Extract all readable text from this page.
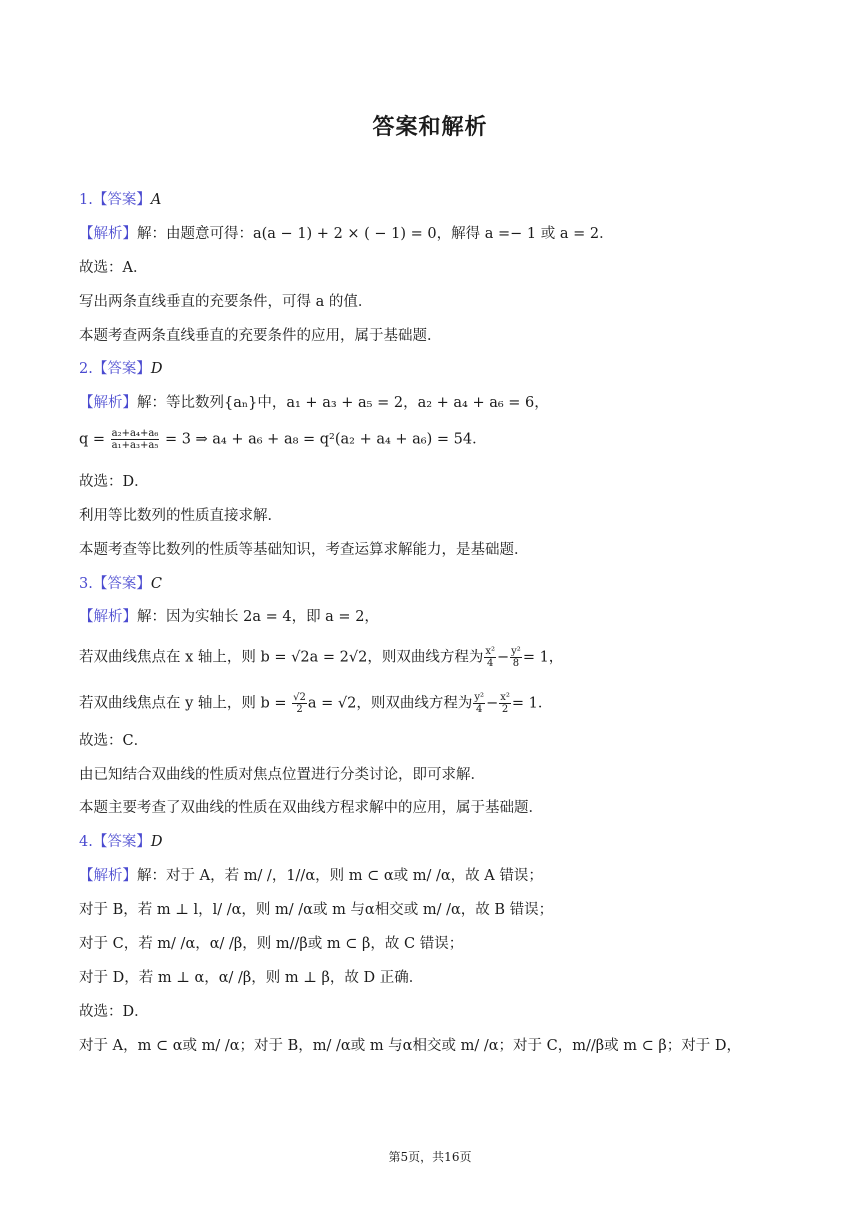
答案和解析
1.【答案】A
【解析】解：由题意可得：a(a − 1) + 2 × ( − 1) = 0，解得 a =− 1 或 a = 2．
故选：A．
写出两条直线垂直的充要条件，可得 a 的值．
本题考查两条直线垂直的充要条件的应用，属于基础题．
2.【答案】D
【解析】解：等比数列{aₙ}中，a₁ + a₃ + a₅ = 2，a₂ + a₄ + a₆ = 6，
$q = \frac{\text{a₂+a₄+a₆}}{\text{a₁+a₃+a₅}} = 3$ ⇒ a₄ + a₆ + a₈ = q²(a₂ + a₄ + a₆) = 54．
故选：D．
利用等比数列的性质直接求解．
本题考查等比数列的性质等基础知识，考查运算求解能力，是基础题．
3.【答案】C
【解析】解：因为实轴长 2a = 4，即 a = 2，
若双曲线焦点在 x 轴上，则 b = √2a = 2√2，则双曲线方程为 $\frac{\text{x²}}{4} - \frac{\text{y²}}{8} = 1$，
若双曲线焦点在 y 轴上，则 $b = \frac{√2}{2}$ a = √2，则双曲线方程为 $\frac{\text{y²}}{4} - \frac{\text{x²}}{2} = 1$．
故选：C．
由已知结合双曲线的性质对焦点位置进行分类讨论，即可求解．
本题主要考查了双曲线的性质在双曲线方程求解中的应用，属于基础题．
4.【答案】D
【解析】解：对于 A，若 m/ /，1//α，则 m ⊂ α或 m/ /α，故 A 错误；
对于 B，若 m ⊥ l，l/ /α，则 m/ /α或 m 与α相交或 m/ /α，故 B 错误；
对于 C，若 m/ /α，α/ /β，则 m//β或 m ⊂ β，故 C 错误；
对于 D，若 m ⊥ α，α/ /β，则 m ⊥ β，故 D 正确．
故选：D．
对于 A，m ⊂ α或 m/ /α；对于 B，m/ /α或 m 与α相交或 m/ /α；对于 C，m//β或 m ⊂ β；对于 D，
第5页，共16页
